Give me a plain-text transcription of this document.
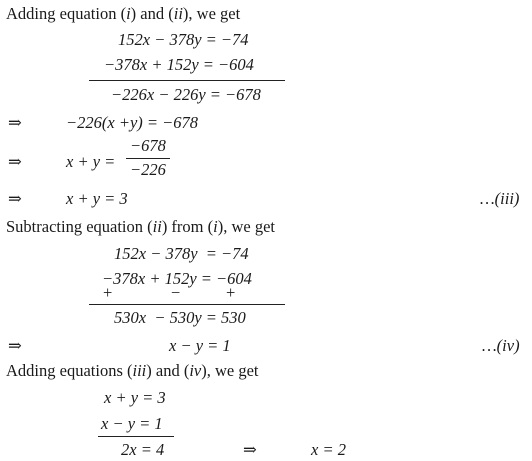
Adding equation (i) and (ii), we get
152x − 378y = −74
−378x + 152y = −604
−226x − 226y = −678
⇒	−226(x +y) = −678
⇒	x + y =
−678
−226
⇒	x + y = 3	…(iii)
Subtracting equation (ii) from (i), we get
152x − 378y  = −74
−378x + 152y = −604
+	−	+
530x  − 530y = 530
⇒	x − y = 1	…(iv)
Adding equations (iii) and (iv), we get
x + y = 3
x − y = 1
2x = 4	⇒	x = 2
